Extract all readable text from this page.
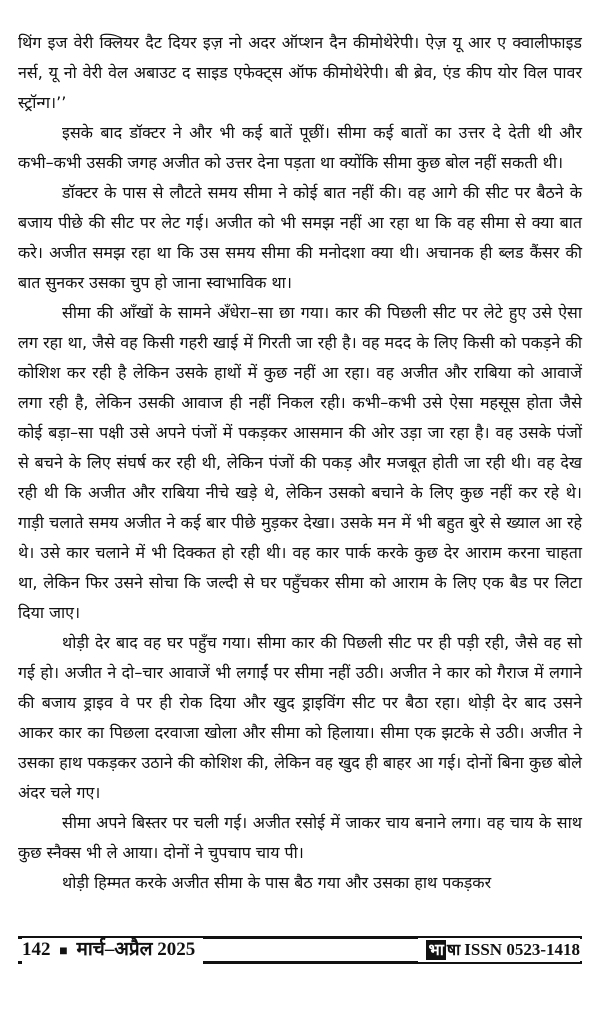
थिंग इज वेरी क्लियर दैट दियर इज़ नो अदर ऑप्शन दैन कीमोथेरेपी। ऐज़ यू आर ए क्वालीफाइड नर्स, यू नो वेरी वेल अबाउट द साइड एफेक्ट्स ऑफ कीमोथेरेपी। बी ब्रेव, एंड कीप योर विल पावर स्ट्रॉन्ग।’’

इसके बाद डॉक्टर ने और भी कई बातें पूछीं। सीमा कई बातों का उत्तर दे देती थी और कभी–कभी उसकी जगह अजीत को उत्तर देना पड़ता था क्योंकि सीमा कुछ बोल नहीं सकती थी।

डॉक्टर के पास से लौटते समय सीमा ने कोई बात नहीं की। वह आगे की सीट पर बैठने के बजाय पीछे की सीट पर लेट गई। अजीत को भी समझ नहीं आ रहा था कि वह सीमा से क्या बात करे। अजीत समझ रहा था कि उस समय सीमा की मनोदशा क्या थी। अचानक ही ब्लड कैंसर की बात सुनकर उसका चुप हो जाना स्वाभाविक था।

सीमा की आँखों के सामने अँधेरा–सा छा गया। कार की पिछली सीट पर लेटे हुए उसे ऐसा लग रहा था, जैसे वह किसी गहरी खाई में गिरती जा रही है। वह मदद के लिए किसी को पकड़ने की कोशिश कर रही है लेकिन उसके हाथों में कुछ नहीं आ रहा। वह अजीत और राबिया को आवाजें लगा रही है, लेकिन उसकी आवाज ही नहीं निकल रही। कभी–कभी उसे ऐसा महसूस होता जैसे कोई बड़ा–सा पक्षी उसे अपने पंजों में पकड़कर आसमान की ओर उड़ा जा रहा है। वह उसके पंजों से बचने के लिए संघर्ष कर रही थी, लेकिन पंजों की पकड़ और मजबूत होती जा रही थी। वह देख रही थी कि अजीत और राबिया नीचे खड़े थे, लेकिन उसको बचाने के लिए कुछ नहीं कर रहे थे। गाड़ी चलाते समय अजीत ने कई बार पीछे मुड़कर देखा। उसके मन में भी बहुत बुरे से ख्याल आ रहे थे। उसे कार चलाने में भी दिक्कत हो रही थी। वह कार पार्क करके कुछ देर आराम करना चाहता था, लेकिन फिर उसने सोचा कि जल्दी से घर पहुँचकर सीमा को आराम के लिए एक बैड पर लिटा दिया जाए।

थोड़ी देर बाद वह घर पहुँच गया। सीमा कार की पिछली सीट पर ही पड़ी रही, जैसे वह सो गई हो। अजीत ने दो–चार आवाजें भी लगाईं पर सीमा नहीं उठी। अजीत ने कार को गैराज में लगाने की बजाय ड्राइव वे पर ही रोक दिया और खुद ड्राइविंग सीट पर बैठा रहा। थोड़ी देर बाद उसने आकर कार का पिछला दरवाजा खोला और सीमा को हिलाया। सीमा एक झटके से उठी। अजीत ने उसका हाथ पकड़कर उठाने की कोशिश की, लेकिन वह खुद ही बाहर आ गई। दोनों बिना कुछ बोले अंदर चले गए।

सीमा अपने बिस्तर पर चली गई। अजीत रसोई में जाकर चाय बनाने लगा। वह चाय के साथ कुछ स्नैक्स भी ले आया। दोनों ने चुपचाप चाय पी।

थोड़ी हिम्मत करके अजीत सीमा के पास बैठ गया और उसका हाथ पकड़कर

142 ■ मार्च–अप्रैल 2025	भा षा ISSN 0523-1418
